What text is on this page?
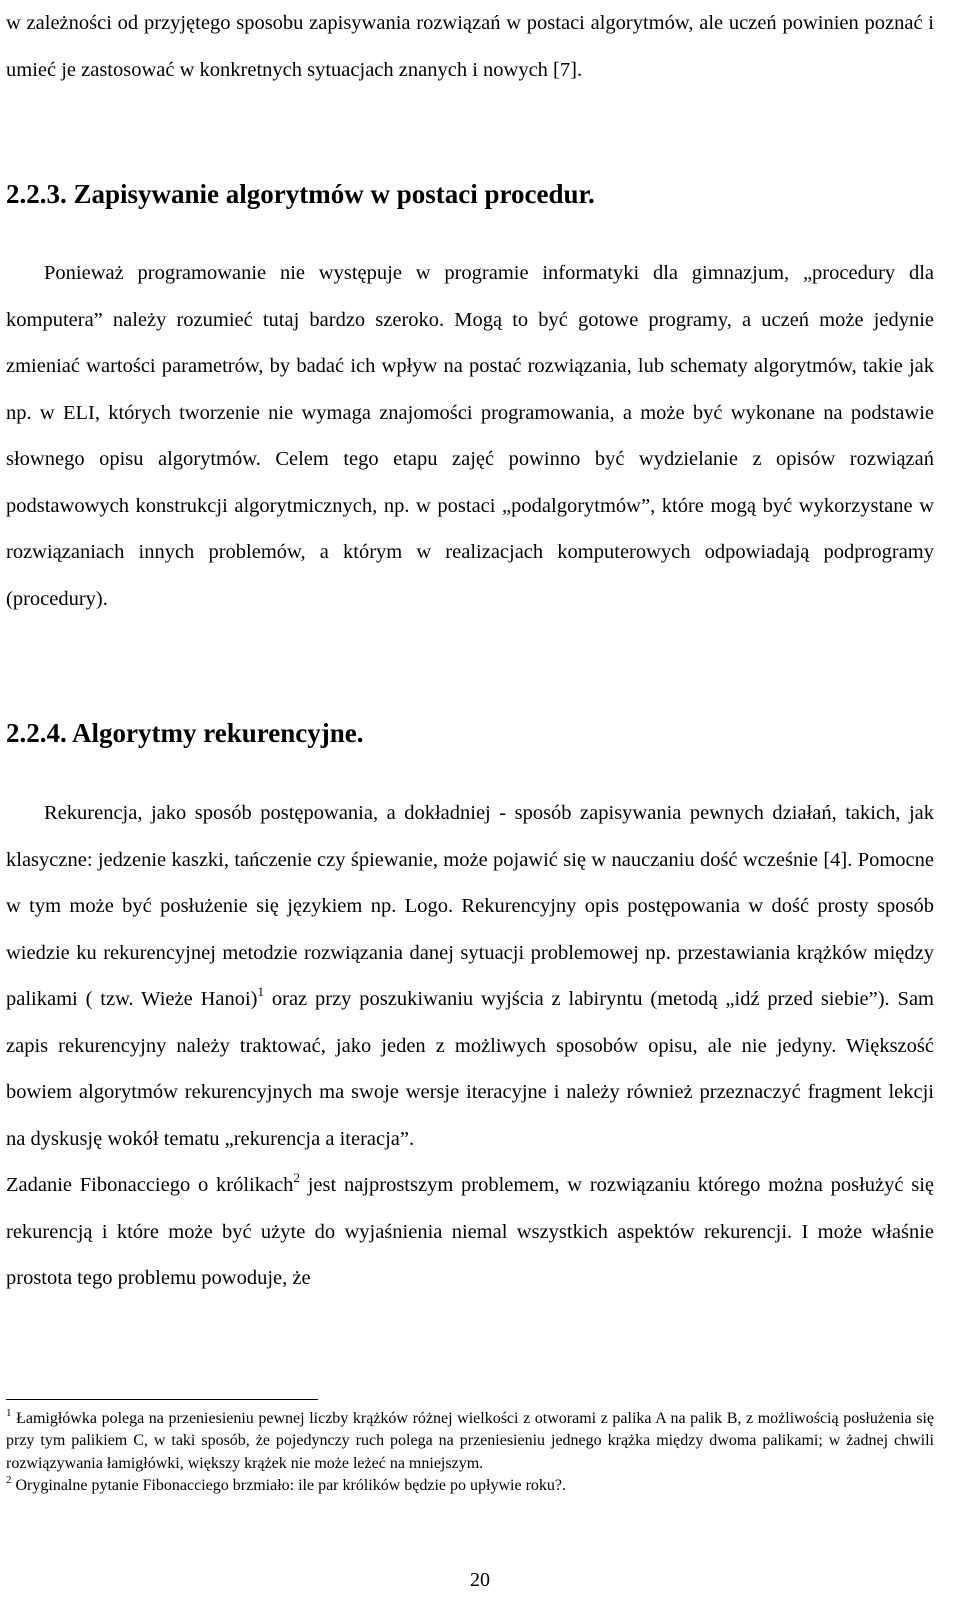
w zależności od przyjętego sposobu zapisywania rozwiązań w postaci algorytmów, ale uczeń powinien poznać i umieć je zastosować w konkretnych sytuacjach znanych i nowych [7].

2.2.3. Zapisywanie algorytmów w postaci procedur.

Ponieważ programowanie nie występuje w programie informatyki dla gimnazjum, „procedury dla komputera” należy rozumieć tutaj bardzo szeroko. Mogą to być gotowe programy, a uczeń może jedynie zmieniać wartości parametrów, by badać ich wpływ na postać rozwiązania, lub schematy algorytmów, takie jak np. w ELI, których tworzenie nie wymaga znajomości programowania, a może być wykonane na podstawie słownego opisu algorytmów. Celem tego etapu zajęć powinno być wydzielanie z opisów rozwiązań podstawowych konstrukcji algorytmicznych, np. w postaci „podalgorytmów”, które mogą być wykorzystane w rozwiązaniach innych problemów, a którym w realizacjach komputerowych odpowiadają podprogramy (procedury).

2.2.4. Algorytmy rekurencyjne.

Rekurencja, jako sposób postępowania, a dokładniej - sposób zapisywania pewnych działań, takich, jak klasyczne: jedzenie kaszki, tańczenie czy śpiewanie, może pojawić się w nauczaniu dość wcześnie [4]. Pomocne w tym może być posłużenie się językiem np. Logo. Rekurencyjny opis postępowania w dość prosty sposób wiedzie ku rekurencyjnej metodzie rozwiązania danej sytuacji problemowej np. przestawiania krążków między palikami ( tzw. Wieże Hanoi)$^1$ oraz przy poszukiwaniu wyjścia z labiryntu (metodą „idź przed siebie”). Sam zapis rekurencyjny należy traktować, jako jeden z możliwych sposobów opisu, ale nie jedyny. Większość bowiem algorytmów rekurencyjnych ma swoje wersje iteracyjne i należy również przeznaczyć fragment lekcji na dyskusję wokół tematu „rekurencja a iteracja”.

Zadanie Fibonacciego o królikach$^2$ jest najprostszym problemem, w rozwiązaniu którego można posłużyć się rekurencją i które może być użyte do wyjaśnienia niemal wszystkich aspektów rekurencji. I może właśnie prostota tego problemu powoduje, że

$^1$ Łamigłówka polega na przeniesieniu pewnej liczby krążków różnej wielkości z otworami z palika A na palik B, z możliwością posłużenia się przy tym palikiem C, w taki sposób, że pojedynczy ruch polega na przeniesieniu jednego krążka między dwoma palikami; w żadnej chwili rozwiązywania łamigłówki, większy krążek nie może leżeć na mniejszym.

$^2$ Oryginalne pytanie Fibonacciego brzmiało: ile par królików będzie po upływie roku?.

20
